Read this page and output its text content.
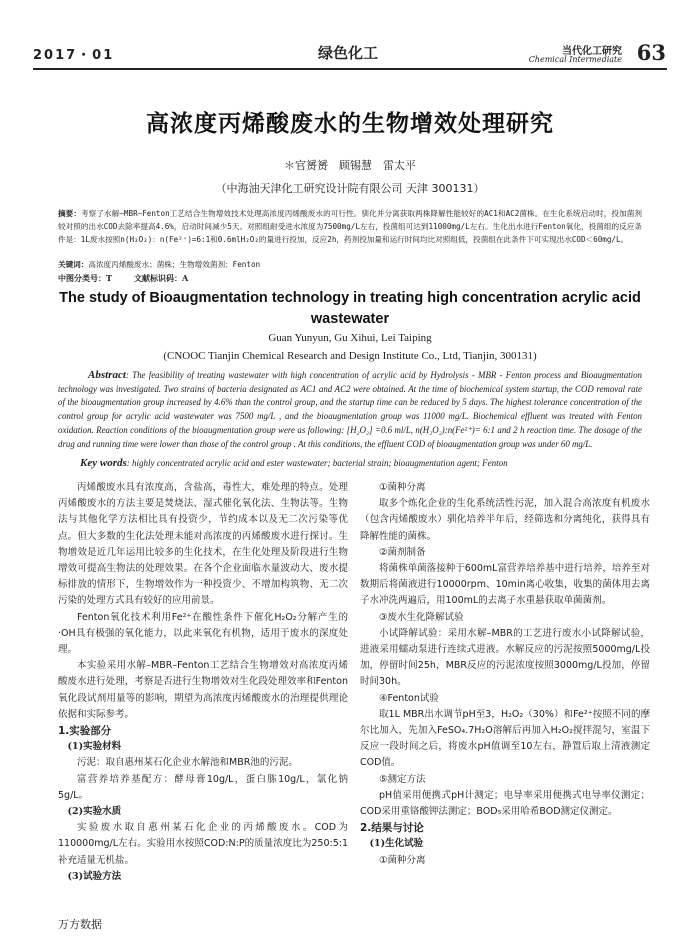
2017・01	绿色化工	当代化工研究
Chemical Intermediate 63
高浓度丙烯酸废水的生物增效处理研究
＊官赟赟　顾锡慧　雷太平
（中海油天津化工研究设计院有限公司 天津 300131）
摘要：考察了水解—MBR—Fenton工艺结合生物增效技术处理高浓度丙烯酸废水的可行性。驯化并分离获取两株降解性能较好的AC1和AC2菌株。在生化系统启动时，投加菌剂较对照的出水COD去除率提高4.6%，启动时间减少5天。对照组耐受进水浓度为7500mg/L左右，投菌组可达到11000mg/L左右。生化出水进行Fenton氧化，投菌组的反应条件是：1L废水按照n(H₂O₂)：n(Fe²⁺)=6:1和0.6mlH₂O₂的量进行投加，反应2h，药剂投加量和运行时间均比对照组低，投菌组在此条件下可实现出水COD＜60mg/L。
关键词：高浓度丙烯酸废水；菌株；生物增效菌剂；Fenton
中图分类号：T	文献标识码：A
The study of Bioaugmentation technology in treating high concentration acrylic acid wastewater
Guan Yunyun, Gu Xihui, Lei Taiping
(CNOOC Tianjin Chemical Research and Design Institute Co., Ltd, Tianjin, 300131)
Abstract: The feasibility of treating wastewater with high concentration of acrylic acid by Hydrolysis - MBR - Fenton process and Bioaugmentation technology was investigated. Two strains of bacteria designated as AC1 and AC2 were obtained. At the time of biochemical system startup, the COD removal rate of the bioaugmentation group increased by 4.6% than the control group, and the startup time can be reduced by 5 days. The highest tolerance concentration of the control group for acrylic acid wastewater was 7500 mg/L , and the bioaugmentation group was 11000 mg/L. Biochemical effluent was treated with Fenton oxidation. Reaction conditions of the bioaugmentation group were as following: [H₂O₂] =0.6 ml/L, n(H₂O₂):n(Fe²⁺)= 6:1 and 2 h reaction time. The dosage of the drug and running time were lower than those of the control group . At this conditions, the effluent COD of bioaugmentation group was under 60 mg/L.
Key words: highly concentrated acrylic acid and ester wastewater; bacterial strain; bioaugmentation agent; Fenton

丙烯酸废水具有浓度高，含盐高，毒性大，难处理的特点。处理丙烯酸废水的方法主要是焚烧法、湿式催化氧化法、生物法等。生物法与其他化学方法相比具有投资少，节约成本以及无二次污染等优点。但大多数的生化法处理未能对高浓度的丙烯酸废水进行探讨。生物增效是近几年运用比较多的生化技术，在生化处理及阶段进行生物增效可提高生物法的处理效果。在各个企业面临水量波动大、废水提标排放的情形下，生物增效作为一种投资少、不增加构筑物、无二次污染的处理方式具有较好的应用前景。

Fenton氧化技术利用Fe²⁺在酸性条件下催化H₂O₂分解产生的·OH具有极强的氧化能力，以此来氧化有机物，适用于废水的深度处理。

本实验采用水解–MBR–Fenton工艺结合生物增效对高浓度丙烯酸废水进行处理，考察是否进行生物增效对生化段处理效率和Fenton氧化段试剂用量等的影响，期望为高浓度丙烯酸废水的治理提供理论依据和实际参考。

1.实验部分

(1)实验材料

污泥：取自惠州某石化企业水解池和MBR池的污泥。

富营养培养基配方：酵母膏10g/L，蛋白胨10g/L，氯化钠5g/L。

(2)实验水质

实验废水取自惠州某石化企业的丙烯酸废水。COD为110000mg/L左右。实验用水按照COD:N:P的质量浓度比为250:5:1补充适量无机盐。

(3)试验方法

①菌种分离

取多个炼化企业的生化系统活性污泥，加入混合高浓度有机废水（包含丙烯酸废水）驯化培养半年后，经筛选和分离纯化，获得具有降解性能的菌株。

②菌剂制备

将菌株单菌落接种于600mL富营养培养基中进行培养，培养至对数期后将菌液进行10000rpm、10min离心收集，收集的菌体用去离子水冲洗两遍后，用100mL的去离子水重悬获取单菌菌剂。

③废水生化降解试验

小试降解试验：采用水解–MBR的工艺进行废水小试降解试验，进液采用蠕动泵进行连续式进液。水解反应的污泥按照5000mg/L投加，停留时间25h，MBR反应的污泥浓度按照3000mg/L投加，停留时间30h。

④Fenton试验

取1L MBR出水调节pH至3，H₂O₂（30%）和Fe²⁺按照不同的摩尔比加入，先加入FeSO₄.7H₂O溶解后再加入H₂O₂搅拌混匀，室温下反应一段时间之后，将废水pH值调至10左右，静置后取上清液测定COD值。

⑤测定方法

pH值采用便携式pH计测定；电导率采用便携式电导率仪测定；COD采用重铬酸钾法测定；BOD₅采用哈希BOD测定仪测定。

2.结果与讨论

(1)生化试验

①菌种分离

万方数据
